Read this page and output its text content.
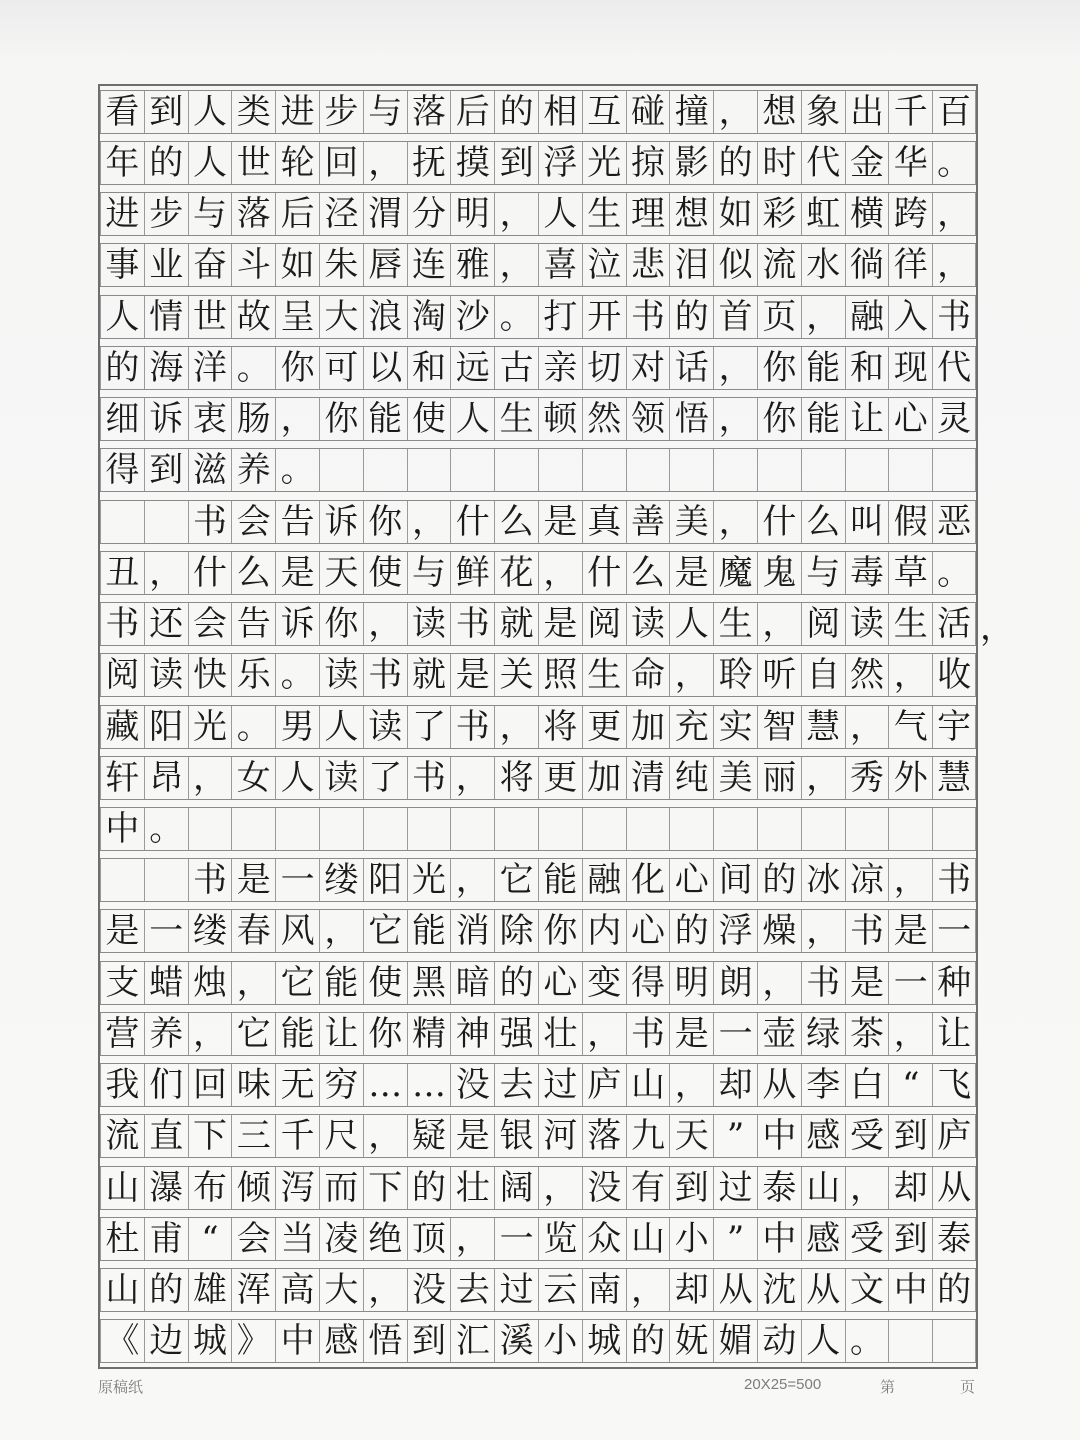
看 到 人 类 进 步 与 落 后 的 相 互 碰 撞 ， 想 象 出 千 百
年 的 人 世 轮 回 ， 抚 摸 到 浮 光 掠 影 的 时 代 金 华 。
进 步 与 落 后 泾 渭 分 明 ， 人 生 理 想 如 彩 虹 横 跨 ，
事 业 奋 斗 如 朱 唇 连 雅 ， 喜 泣 悲 泪 似 流 水 徜 徉 ，
人 情 世 故 呈 大 浪 淘 沙 。 打 开 书 的 首 页 ， 融 入 书
的 海 洋 。 你 可 以 和 远 古 亲 切 对 话 ， 你 能 和 现 代
细 诉 衷 肠 ， 你 能 使 人 生 顿 然 领 悟 ， 你 能 让 心 灵
得 到 滋 养 。
书 会 告 诉 你 ， 什 么 是 真 善 美 ， 什 么 叫 假 恶
丑 ， 什 么 是 天 使 与 鲜 花 ， 什 么 是 魔 鬼 与 毒 草 。
书 还 会 告 诉 你 ， 读 书 就 是 阅 读 人 生 ， 阅 读 生 活
阅 读 快 乐 。 读 书 就 是 关 照 生 命 ， 聆 听 自 然 ， 收
藏 阳 光 。 男 人 读 了 书 ， 将 更 加 充 实 智 慧 ， 气 宇
轩 昂 ， 女 人 读 了 书 ， 将 更 加 清 纯 美 丽 ， 秀 外 慧
中 。
书 是 一 缕 阳 光 ， 它 能 融 化 心 间 的 冰 凉 ， 书
是 一 缕 春 风 ， 它 能 消 除 你 内 心 的 浮 燥 ， 书 是 一
支 蜡 烛 ， 它 能 使 黑 暗 的 心 变 得 明 朗 ， 书 是 一 种
营 养 ， 它 能 让 你 精 神 强 壮 ， 书 是 一 壶 绿 茶 ， 让
我 们 回 味 无 穷 … … 没 去 过 庐 山 ， 却 从 李 白 “ 飞
流 直 下 三 千 尺 ， 疑 是 银 河 落 九 天 ” 中 感 受 到 庐
山 瀑 布 倾 泻 而 下 的 壮 阔 ， 没 有 到 过 泰 山 ， 却 从
杜 甫 “ 会 当 凌 绝 顶 ， 一 览 众 山 小 ” 中 感 受 到 泰
山 的 雄 浑 高 大 ， 没 去 过 云 南 ， 却 从 沈 从 文 中 的
《 边 城 》 中 感 悟 到 汇 溪 小 城 的 妩 媚 动 人 。
，
原稿纸	20X25=500	第	页
